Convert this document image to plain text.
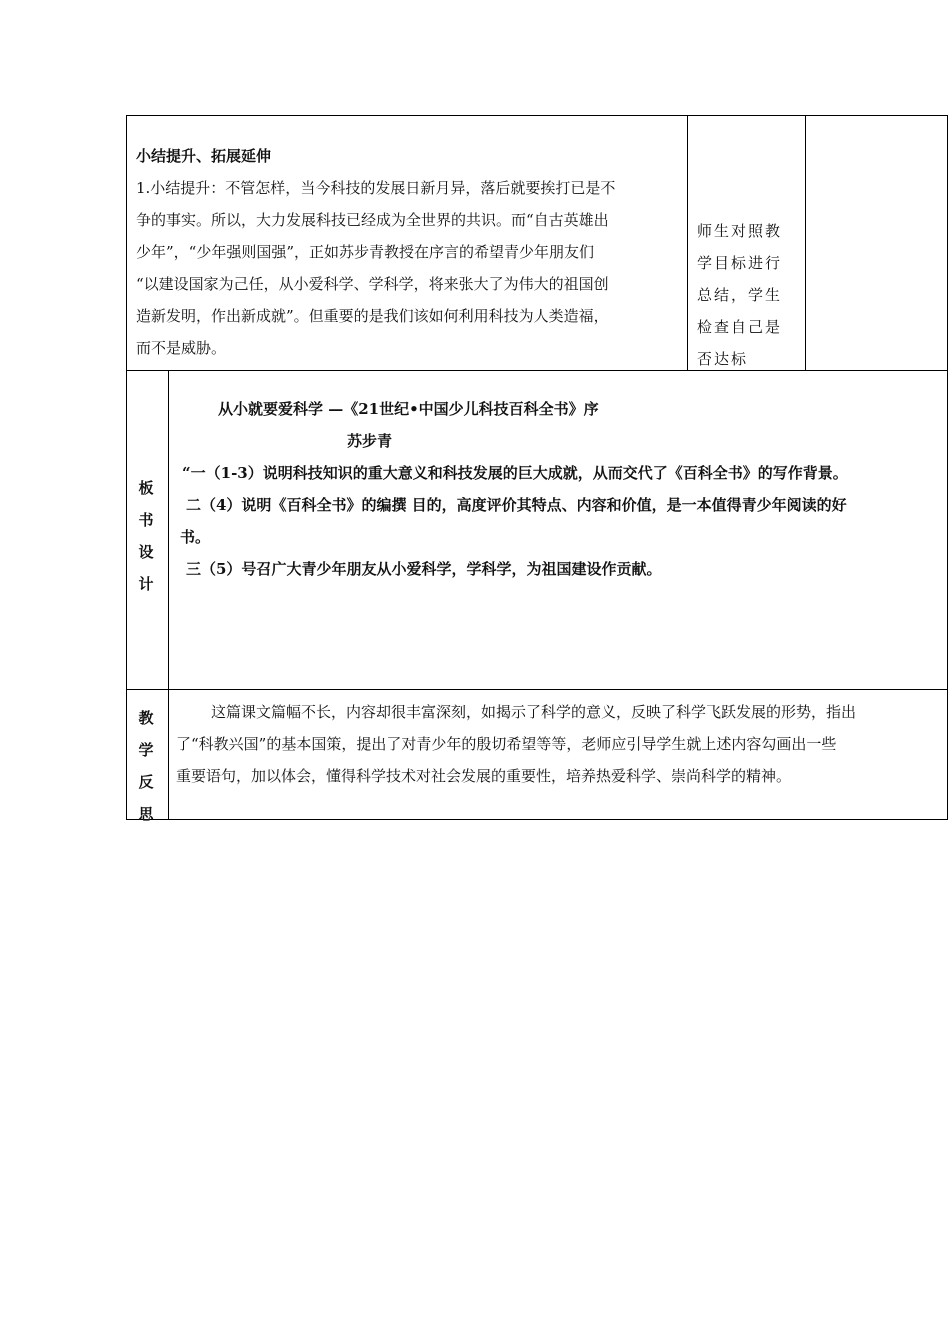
小结提升、拓展延伸
1.小结提升：不管怎样，当今科技的发展日新月异，落后就要挨打已是不
争的事实。所以，大力发展科技已经成为全世界的共识。而“自古英雄出
少年”，“少年强则国强”，正如苏步青教授在序言的希望青少年朋友们
“以建设国家为己任，从小爱科学、学科学，将来张大了为伟大的祖国创
造新发明，作出新成就”。但重要的是我们该如何利用科技为人类造福，
而不是威胁。
师生对照教
学目标进行
总结，学生
检查自己是
否达标
板
书
设
计
从小就要爱科学 —《21世纪•中国少儿科技百科全书》序
苏步青
“一（1-3）说明科技知识的重大意义和科技发展的巨大成就，从而交代了《百科全书》的写作背景。
二（4）说明《百科全书》的编撰 目的，高度评价其特点、内容和价值，是一本值得青少年阅读的好
书。
三（5）号召广大青少年朋友从小爱科学，学科学，为祖国建设作贡献。
教
学
反
思
这篇课文篇幅不长，内容却很丰富深刻，如揭示了科学的意义，反映了科学飞跃发展的形势，指出
了“科教兴国”的基本国策，提出了对青少年的殷切希望等等，老师应引导学生就上述内容勾画出一些
重要语句，加以体会，懂得科学技术对社会发展的重要性，培养热爱科学、崇尚科学的精神。
